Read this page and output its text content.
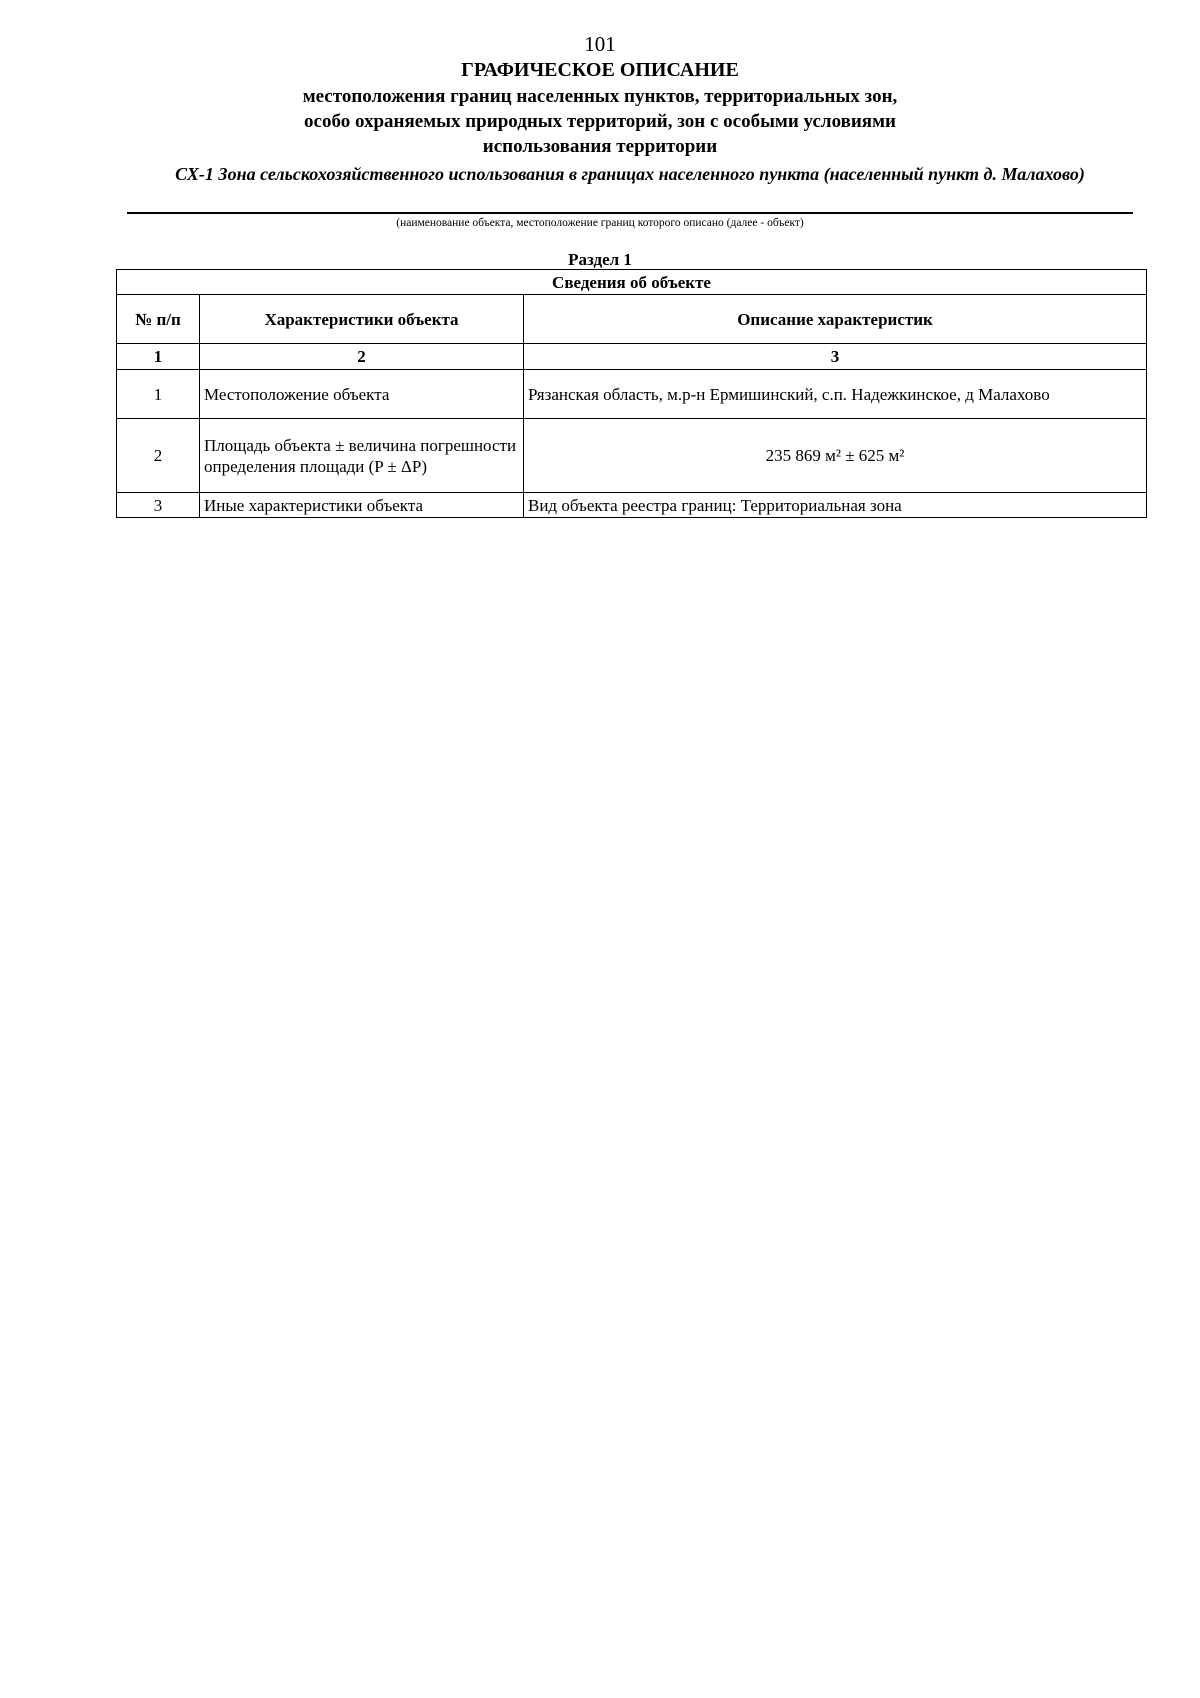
101
ГРАФИЧЕСКОЕ ОПИСАНИЕ
местоположения границ населенных пунктов, территориальных зон, особо охраняемых природных территорий, зон с особыми условиями использования территории
СХ-1 Зона сельскохозяйственного использования в границах населенного пункта (населенный пункт д. Малахово)
(наименование объекта, местоположение границ которого описано (далее - объект)
Раздел 1
Сведения об объекте		
№ п/п	Характеристики объекта	Описание характеристик
1	2	3
1	Местоположение объекта	Рязанская область, м.р-н Ермишинский, с.п. Надежкинское, д Малахово
2	Площадь объекта ± величина погрешности определения площади (P ± ΔP)	235 869 м² ± 625 м²
3	Иные характеристики объекта	Вид объекта реестра границ: Территориальная зона
